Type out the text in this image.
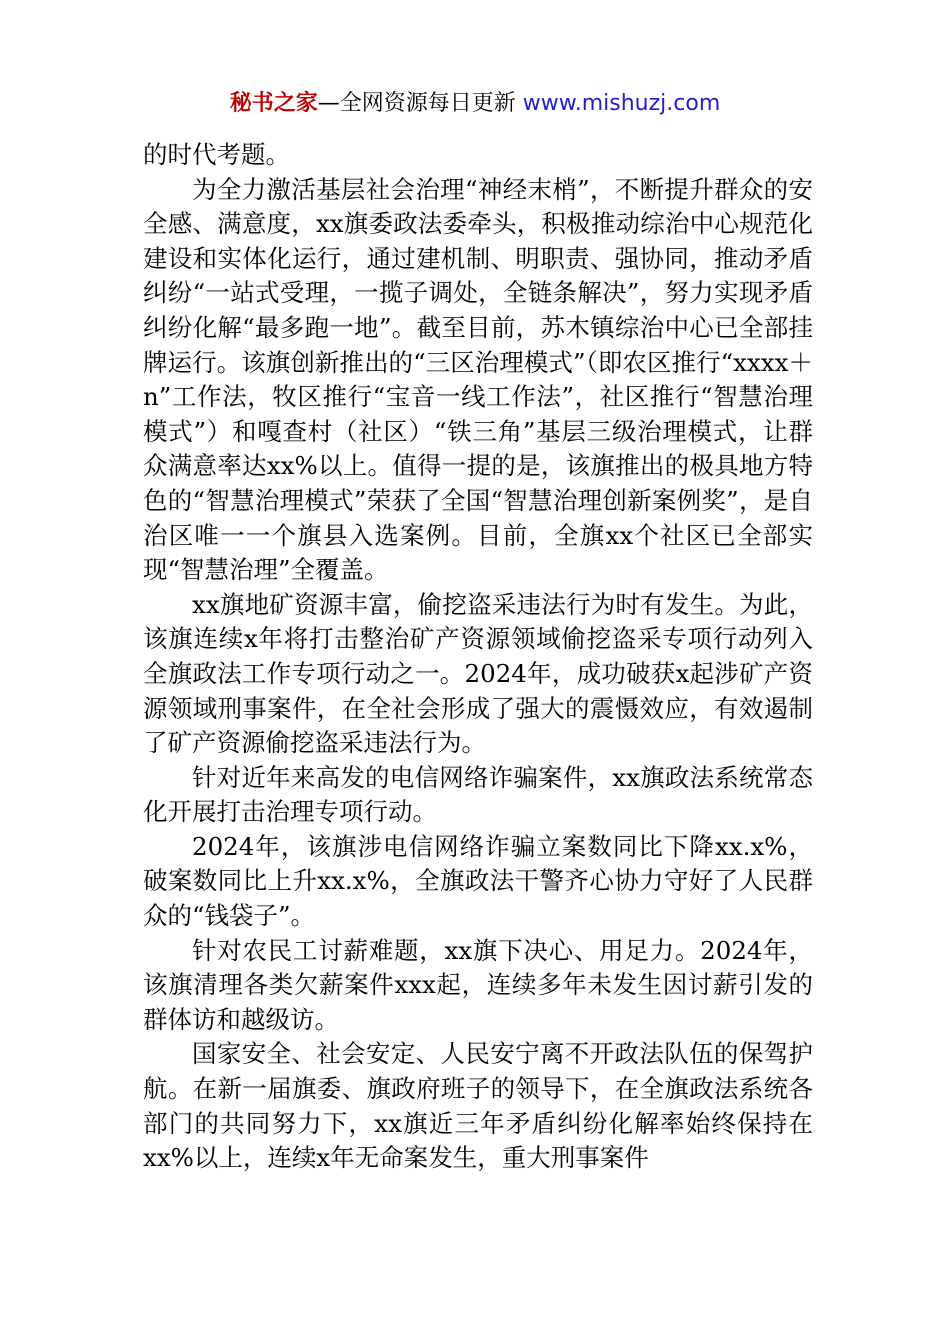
秘书之家—全网资源每日更新 www.mishuzj.com

的时代考题。

为全力激活基层社会治理“神经末梢”，不断提升群众的安全感、满意度，xx旗委政法委牵头，积极推动综治中心规范化建设和实体化运行，通过建机制、明职责、强协同，推动矛盾纠纷“一站式受理，一揽子调处，全链条解决”，努力实现矛盾纠纷化解“最多跑一地”。截至目前，苏木镇综治中心已全部挂牌运行。该旗创新推出的“三区治理模式”（即农区推行“xxxx＋n”工作法，牧区推行“宝音一线工作法”，社区推行“智慧治理模式”）和嘎查村（社区）“铁三角”基层三级治理模式，让群众满意率达xx%以上。值得一提的是，该旗推出的极具地方特色的“智慧治理模式”荣获了全国“智慧治理创新案例奖”，是自治区唯一一个旗县入选案例。目前，全旗xx个社区已全部实现“智慧治理”全覆盖。

xx旗地矿资源丰富，偷挖盗采违法行为时有发生。为此，该旗连续x年将打击整治矿产资源领域偷挖盗采专项行动列入全旗政法工作专项行动之一。2024年，成功破获x起涉矿产资源领域刑事案件，在全社会形成了强大的震慑效应，有效遏制了矿产资源偷挖盗采违法行为。

针对近年来高发的电信网络诈骗案件，xx旗政法系统常态化开展打击治理专项行动。

2024年，该旗涉电信网络诈骗立案数同比下降xx.x%，破案数同比上升xx.x%，全旗政法干警齐心协力守好了人民群众的“钱袋子”。

针对农民工讨薪难题，xx旗下决心、用足力。2024年，该旗清理各类欠薪案件xxx起，连续多年未发生因讨薪引发的群体访和越级访。

国家安全、社会安定、人民安宁离不开政法队伍的保驾护航。在新一届旗委、旗政府班子的领导下，在全旗政法系统各部门的共同努力下，xx旗近三年矛盾纠纷化解率始终保持在xx%以上，连续x年无命案发生，重大刑事案件
